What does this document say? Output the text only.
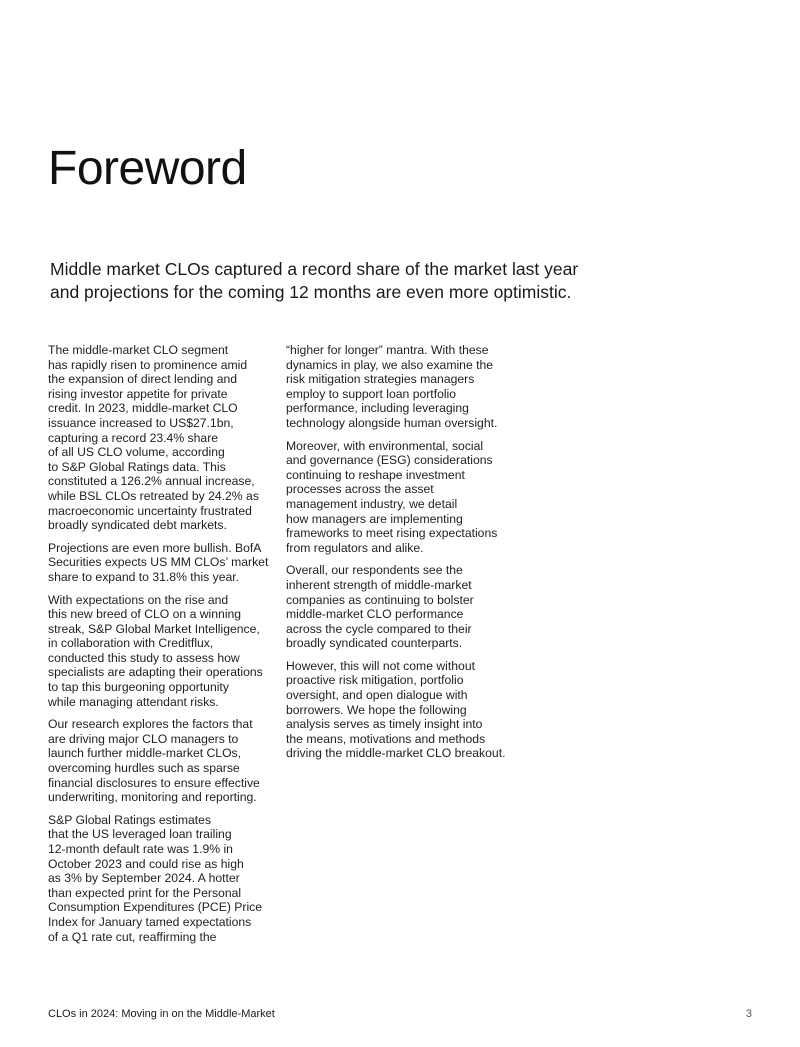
Foreword

Middle market CLOs captured a record share of the market last year
and projections for the coming 12 months are even more optimistic.

The middle-market CLO segment
has rapidly risen to prominence amid
the expansion of direct lending and
rising investor appetite for private
credit. In 2023, middle-market CLO
issuance increased to US$27.1bn,
capturing a record 23.4% share
of all US CLO volume, according
to S&P Global Ratings data. This
constituted a 126.2% annual increase,
while BSL CLOs retreated by 24.2% as
macroeconomic uncertainty frustrated
broadly syndicated debt markets.

Projections are even more bullish. BofA
Securities expects US MM CLOs’ market
share to expand to 31.8% this year.

With expectations on the rise and
this new breed of CLO on a winning
streak, S&P Global Market Intelligence,
in collaboration with Creditflux,
conducted this study to assess how
specialists are adapting their operations
to tap this burgeoning opportunity
while managing attendant risks.

Our research explores the factors that
are driving major CLO managers to
launch further middle-market CLOs,
overcoming hurdles such as sparse
financial disclosures to ensure effective
underwriting, monitoring and reporting.

S&P Global Ratings estimates
that the US leveraged loan trailing
12-month default rate was 1.9% in
October 2023 and could rise as high
as 3% by September 2024. A hotter
than expected print for the Personal
Consumption Expenditures (PCE) Price
Index for January tamed expectations
of a Q1 rate cut, reaffirming the

“higher for longer” mantra. With these
dynamics in play, we also examine the
risk mitigation strategies managers
employ to support loan portfolio
performance, including leveraging
technology alongside human oversight.

Moreover, with environmental, social
and governance (ESG) considerations
continuing to reshape investment
processes across the asset
management industry, we detail
how managers are implementing
frameworks to meet rising expectations
from regulators and alike.

Overall, our respondents see the
inherent strength of middle-market
companies as continuing to bolster
middle-market CLO performance
across the cycle compared to their
broadly syndicated counterparts.

However, this will not come without
proactive risk mitigation, portfolio
oversight, and open dialogue with
borrowers. We hope the following
analysis serves as timely insight into
the means, motivations and methods
driving the middle-market CLO breakout.

CLOs in 2024: Moving in on the Middle-Market	3
